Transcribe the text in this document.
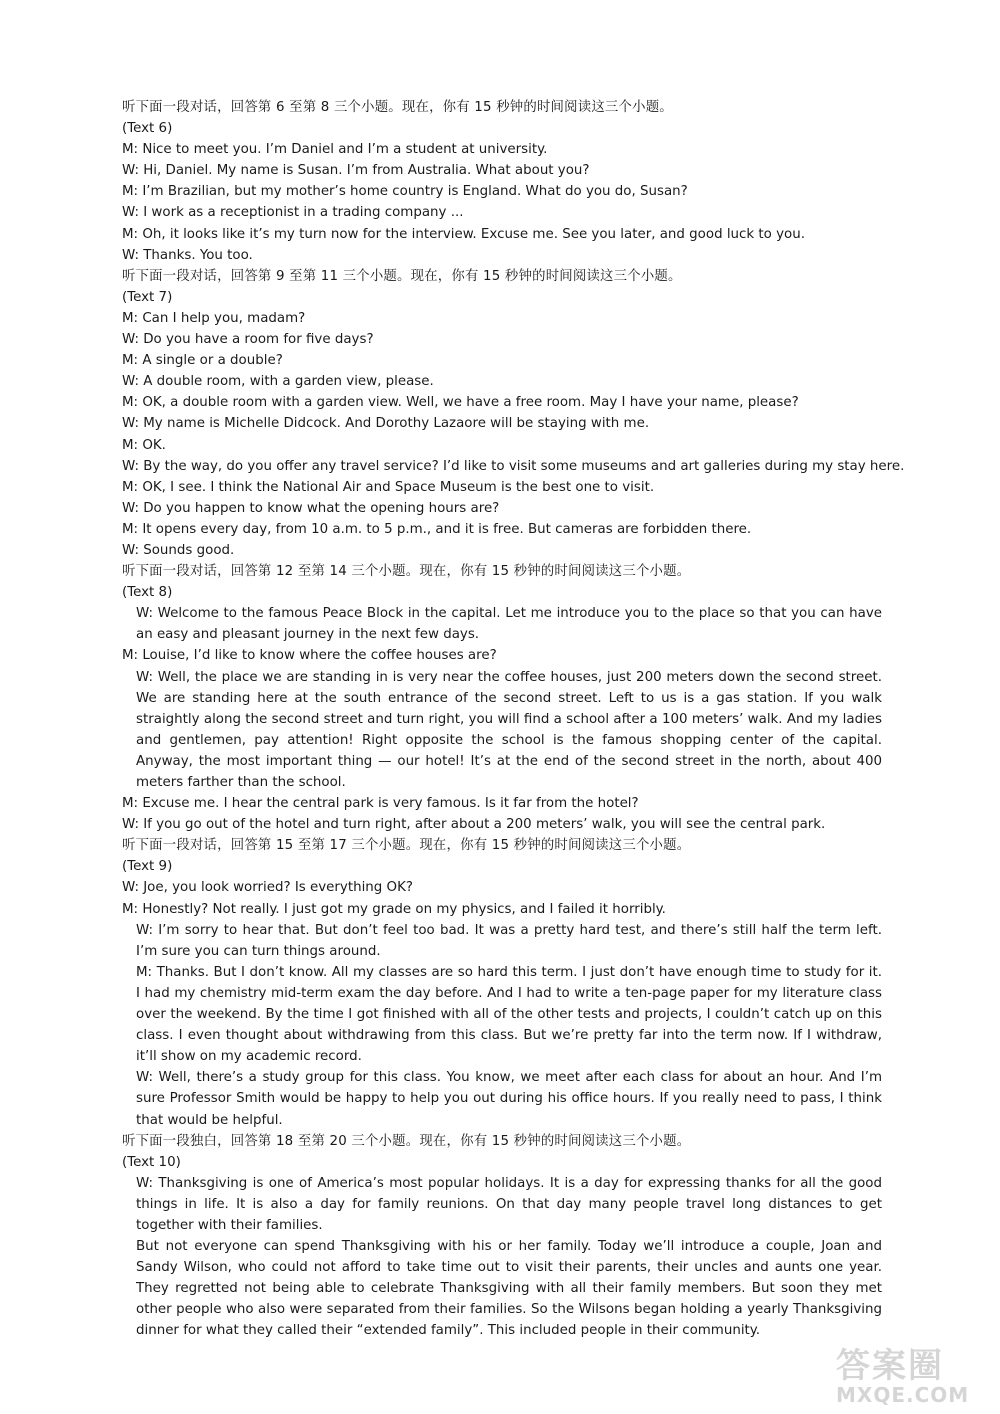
听下面一段对话，回答第 6 至第 8 三个小题。现在，你有 15 秒钟的时间阅读这三个小题。
(Text 6)
M: Nice to meet you. I’m Daniel and I’m a student at university.
W: Hi, Daniel. My name is Susan. I’m from Australia. What about you?
M: I’m Brazilian, but my mother’s home country is England. What do you do, Susan?
W: I work as a receptionist in a trading company ...
M: Oh, it looks like it’s my turn now for the interview. Excuse me. See you later, and good luck to you.
W: Thanks. You too.
听下面一段对话，回答第 9 至第 11 三个小题。现在，你有 15 秒钟的时间阅读这三个小题。
(Text 7)
M: Can I help you, madam?
W: Do you have a room for five days?
M: A single or a double?
W: A double room, with a garden view, please.
M: OK, a double room with a garden view. Well, we have a free room. May I have your name, please?
W: My name is Michelle Didcock. And Dorothy Lazaore will be staying with me.
M: OK.
W: By the way, do you offer any travel service? I’d like to visit some museums and art galleries during my stay here.
M: OK, I see. I think the National Air and Space Museum is the best one to visit.
W: Do you happen to know what the opening hours are?
M: It opens every day, from 10 a.m. to 5 p.m., and it is free. But cameras are forbidden there.
W: Sounds good.
听下面一段对话，回答第 12 至第 14 三个小题。现在，你有 15 秒钟的时间阅读这三个小题。
(Text 8)
W: Welcome to the famous Peace Block in the capital. Let me introduce you to the place so that you can have an easy and pleasant journey in the next few days.
M: Louise, I’d like to know where the coffee houses are?
W: Well, the place we are standing in is very near the coffee houses, just 200 meters down the second street. We are standing here at the south entrance of the second street. Left to us is a gas station. If you walk straightly along the second street and turn right, you will find a school after a 100 meters’ walk. And my ladies and gentlemen, pay attention! Right opposite the school is the famous shopping center of the capital. Anyway, the most important thing — our hotel! It’s at the end of the second street in the north, about 400 meters farther than the school.
M: Excuse me. I hear the central park is very famous. Is it far from the hotel?
W: If you go out of the hotel and turn right, after about a 200 meters’ walk, you will see the central park.
听下面一段对话，回答第 15 至第 17 三个小题。现在，你有 15 秒钟的时间阅读这三个小题。
(Text 9)
W: Joe, you look worried? Is everything OK?
M: Honestly? Not really. I just got my grade on my physics, and I failed it horribly.
W: I’m sorry to hear that. But don’t feel too bad. It was a pretty hard test, and there’s still half the term left. I’m sure you can turn things around.
M: Thanks. But I don’t know. All my classes are so hard this term. I just don’t have enough time to study for it. I had my chemistry mid-term exam the day before. And I had to write a ten-page paper for my literature class over the weekend. By the time I got finished with all of the other tests and projects, I couldn’t catch up on this class. I even thought about withdrawing from this class. But we’re pretty far into the term now. If I withdraw, it’ll show on my academic record.
W: Well, there’s a study group for this class. You know, we meet after each class for about an hour. And I’m sure Professor Smith would be happy to help you out during his office hours. If you really need to pass, I think that would be helpful.
听下面一段独白，回答第 18 至第 20 三个小题。现在，你有 15 秒钟的时间阅读这三个小题。
(Text 10)
W: Thanksgiving is one of America’s most popular holidays. It is a day for expressing thanks for all the good things in life. It is also a day for family reunions. On that day many people travel long distances to get together with their families.
But not everyone can spend Thanksgiving with his or her family. Today we’ll introduce a couple, Joan and Sandy Wilson, who could not afford to take time out to visit their parents, their uncles and aunts one year. They regretted not being able to celebrate Thanksgiving with all their family members. But soon they met other people who also were separated from their families. So the Wilsons began holding a yearly Thanksgiving dinner for what they called their “extended family”. This included people in their community.
答案圈
MXQE.COM
